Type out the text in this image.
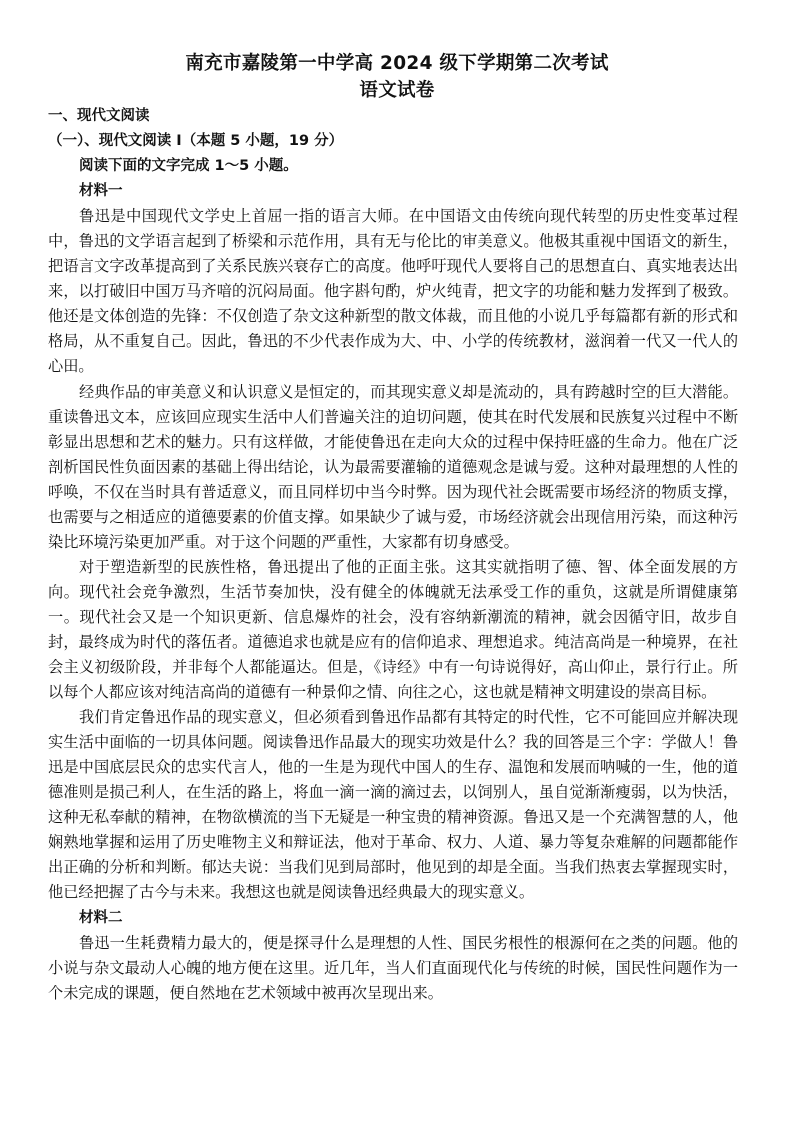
南充市嘉陵第一中学高 2024 级下学期第二次考试
语文试卷
一、现代文阅读
（一）、现代文阅读 I（本题 5 小题，19 分）
阅读下面的文字完成 1～5 小题。
材料一

鲁迅是中国现代文学史上首屈一指的语言大师。在中国语文由传统向现代转型的历史性变革过程中，鲁迅的文学语言起到了桥梁和示范作用，具有无与伦比的审美意义。他极其重视中国语文的新生，把语言文字改革提高到了关系民族兴衰存亡的高度。他呼吁现代人要将自己的思想直白、真实地表达出来，以打破旧中国万马齐喑的沉闷局面。他字斟句酌，炉火纯青，把文字的功能和魅力发挥到了极致。他还是文体创造的先锋：不仅创造了杂文这种新型的散文体裁，而且他的小说几乎每篇都有新的形式和格局，从不重复自己。因此，鲁迅的不少代表作成为大、中、小学的传统教材，滋润着一代又一代人的心田。

经典作品的审美意义和认识意义是恒定的，而其现实意义却是流动的，具有跨越时空的巨大潜能。重读鲁迅文本，应该回应现实生活中人们普遍关注的迫切问题，使其在时代发展和民族复兴过程中不断彰显出思想和艺术的魅力。只有这样做，才能使鲁迅在走向大众的过程中保持旺盛的生命力。他在广泛剖析国民性负面因素的基础上得出结论，认为最需要灌输的道德观念是诚与爱。这种对最理想的人性的呼唤，不仅在当时具有普适意义，而且同样切中当今时弊。因为现代社会既需要市场经济的物质支撑，也需要与之相适应的道德要素的价值支撑。如果缺少了诚与爱，市场经济就会出现信用污染，而这种污染比环境污染更加严重。对于这个问题的严重性，大家都有切身感受。

对于塑造新型的民族性格，鲁迅提出了他的正面主张。这其实就指明了德、智、体全面发展的方向。现代社会竞争激烈，生活节奏加快，没有健全的体魄就无法承受工作的重负，这就是所谓健康第一。现代社会又是一个知识更新、信息爆炸的社会，没有容纳新潮流的精神，就会因循守旧，故步自封，最终成为时代的落伍者。道德追求也就是应有的信仰追求、理想追求。纯洁高尚是一种境界，在社会主义初级阶段，并非每个人都能逼达。但是，《诗经》中有一句诗说得好，高山仰止，景行行止。所以每个人都应该对纯洁高尚的道德有一种景仰之情、向往之心，这也就是精神文明建设的崇高目标。

我们肯定鲁迅作品的现实意义，但必须看到鲁迅作品都有其特定的时代性，它不可能回应并解决现实生活中面临的一切具体问题。阅读鲁迅作品最大的现实功效是什么？我的回答是三个字：学做人！鲁迅是中国底层民众的忠实代言人，他的一生是为现代中国人的生存、温饱和发展而呐喊的一生，他的道德准则是损己利人，在生活的路上，将血一滴一滴的滴过去，以饲别人，虽自觉渐渐瘦弱，以为快活，这种无私奉献的精神，在物欲横流的当下无疑是一种宝贵的精神资源。鲁迅又是一个充满智慧的人，他娴熟地掌握和运用了历史唯物主义和辩证法，他对于革命、权力、人道、暴力等复杂难解的问题都能作出正确的分析和判断。郁达夫说：当我们见到局部时，他见到的却是全面。当我们热衷去掌握现实时，他已经把握了古今与未来。我想这也就是阅读鲁迅经典最大的现实意义。

材料二

鲁迅一生耗费精力最大的，便是探寻什么是理想的人性、国民劣根性的根源何在之类的问题。他的小说与杂文最动人心魄的地方便在这里。近几年，当人们直面现代化与传统的时候，国民性问题作为一个未完成的课题，便自然地在艺术领域中被再次呈现出来。
